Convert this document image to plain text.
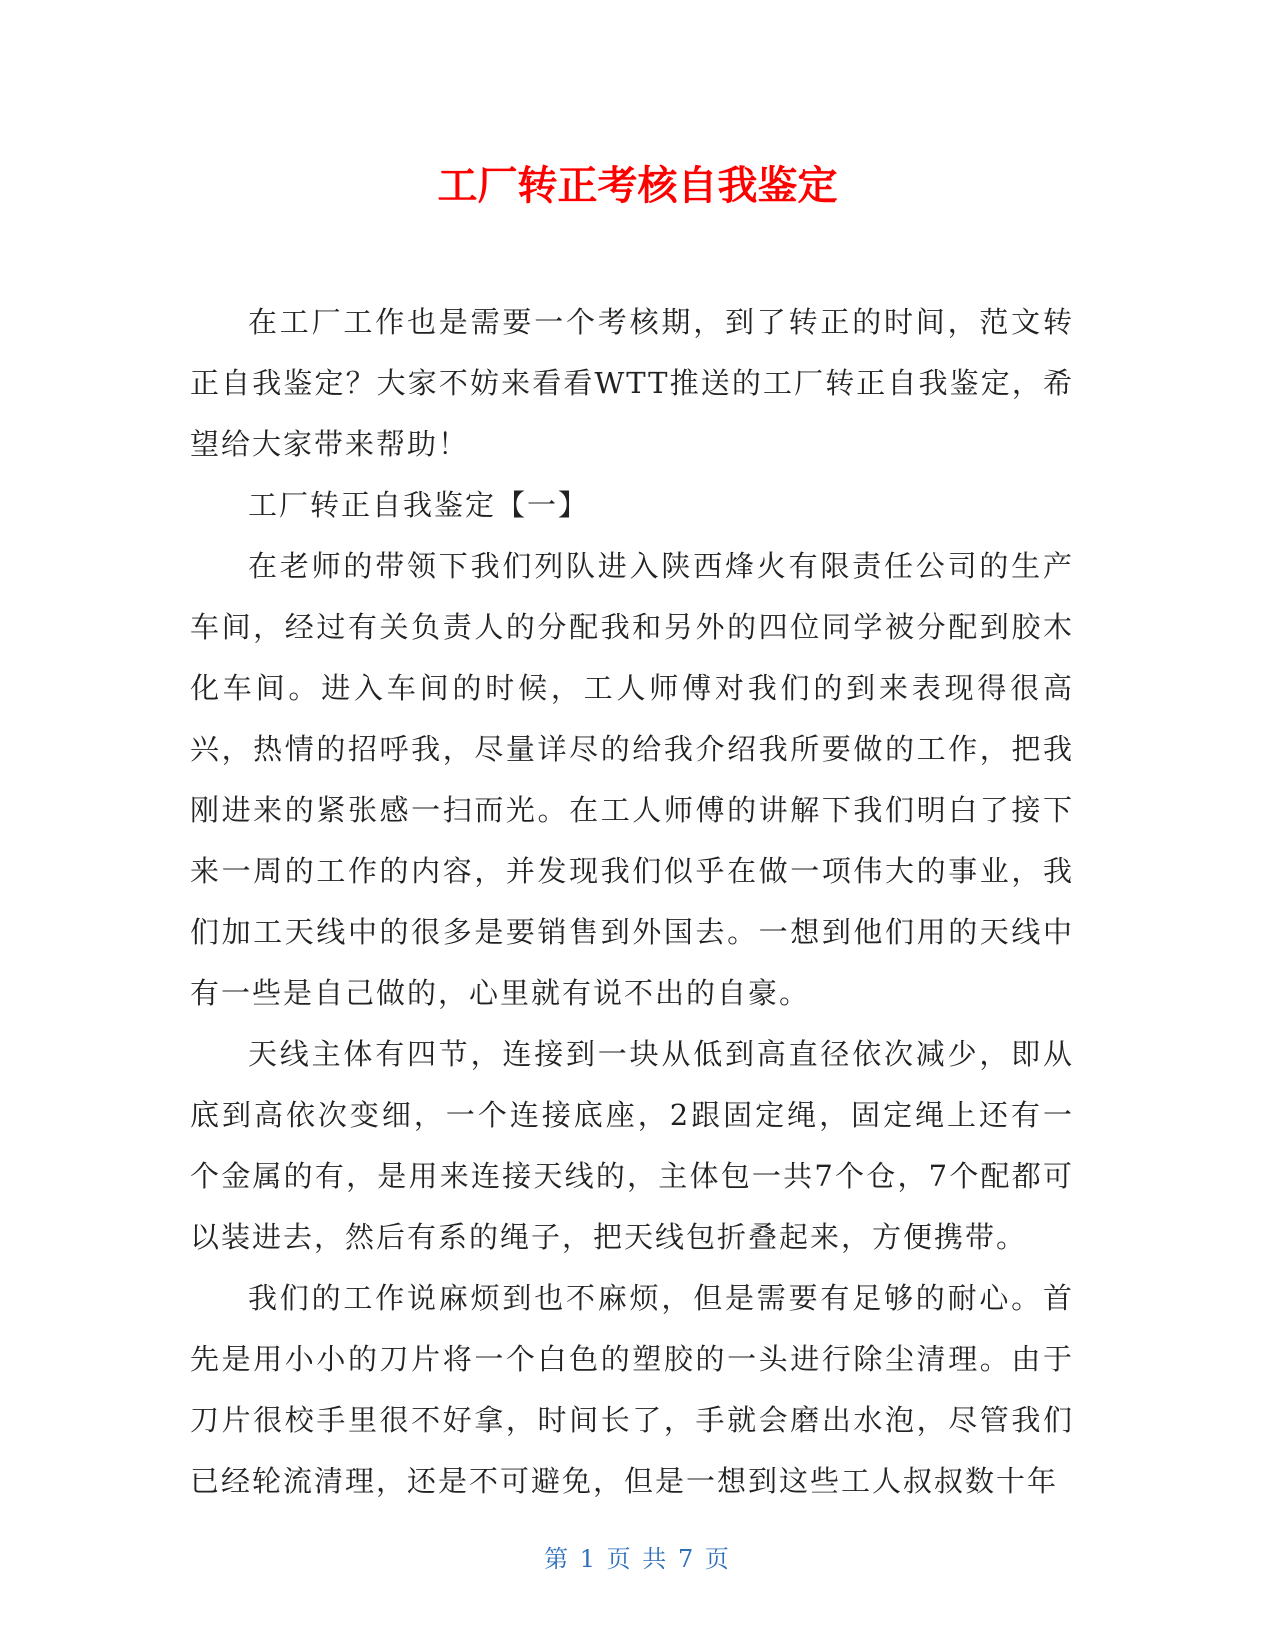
工厂转正考核自我鉴定

在工厂工作也是需要一个考核期，到了转正的时间，范文转正自我鉴定？大家不妨来看看WTT推送的工厂转正自我鉴定，希望给大家带来帮助！

工厂转正自我鉴定【一】

在老师的带领下我们列队进入陕西烽火有限责任公司的生产车间，经过有关负责人的分配我和另外的四位同学被分配到胶木化车间。进入车间的时候，工人师傅对我们的到来表现得很高兴，热情的招呼我，尽量详尽的给我介绍我所要做的工作，把我刚进来的紧张感一扫而光。在工人师傅的讲解下我们明白了接下来一周的工作的内容，并发现我们似乎在做一项伟大的事业，我们加工天线中的很多是要销售到外国去。一想到他们用的天线中有一些是自己做的，心里就有说不出的自豪。

天线主体有四节，连接到一块从低到高直径依次减少，即从底到高依次变细，一个连接底座，2跟固定绳，固定绳上还有一个金属的有，是用来连接天线的，主体包一共7个仓，7个配都可以装进去，然后有系的绳子，把天线包折叠起来，方便携带。

我们的工作说麻烦到也不麻烦，但是需要有足够的耐心。首先是用小小的刀片将一个白色的塑胶的一头进行除尘清理。由于刀片很校手里很不好拿，时间长了，手就会磨出水泡，尽管我们已经轮流清理，还是不可避免，但是一想到这些工人叔叔数十年

第 1 页 共 7 页
